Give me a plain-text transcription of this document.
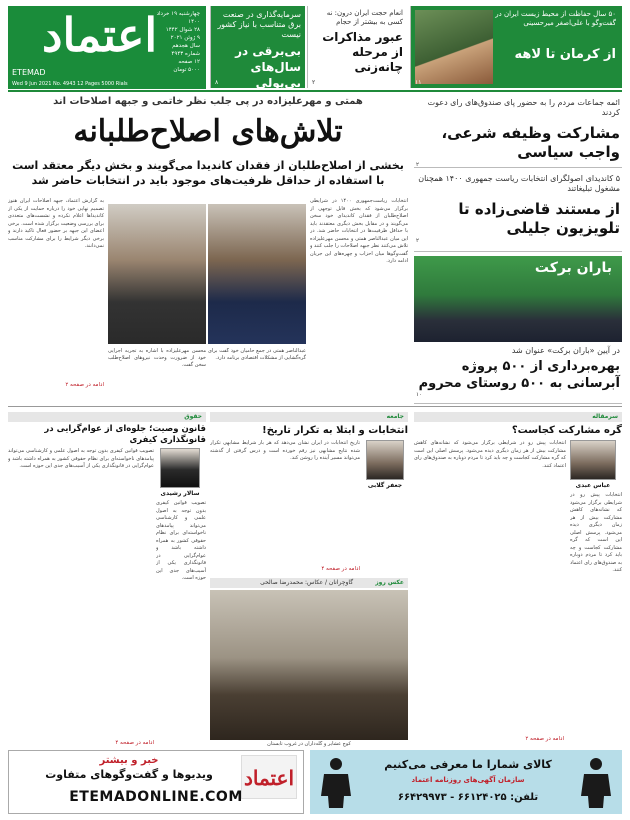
اعتماد
ETEMAD
چهارشنبه ۱۹ خرداد ۱۴۰۰
۲۸ شوال ۱۴۴۲
۹ ژوئن ۲۰۲۱
سال هجدهم
شماره ۴۹۴۳
۱۲ صفحه
۵۰۰۰ تومان
Wed 9 Jun 2021 No. 4943 12 Pages 5000 Rials
سرمایه‌گذاری در صنعت برق متناسب با نیاز کشور نیست
بی‌برقی در سال‌های بی‌پولی
۸
انعام حجت ایران درون: نه کسی به بیشتر از حجام
عبور مذاکرات از مرحله چانه‌زنی
۲
۵۰ سال حفاظت از محیط زیست ایران در گفت‌وگو با علی‌اصغر میرحسینی
از کرمان تا لاهه
۱۱
همتی و مهرعلیزاده در پی جلب نظر خاتمی و جبهه اصلاحات اند
تلاش‌های اصلاح‌طلبانه
بخشی از اصلاح‌طلبان از فقدان کاندیدا می‌گویند و بخش دیگر معتقد است با استفاده از حداقل ظرفیت‌های موجود باید در انتخابات حاضر شد
انتخابات ریاست‌جمهوری ۱۴۰۰ در شرایطی برگزار می‌شود که بخش قابل توجهی از اصلاح‌طلبان از فقدان کاندیدای خود سخن می‌گویند و در مقابل بخش دیگری معتقدند باید با حداقل ظرفیت‌ها در انتخابات حاضر شد. در این میان عبدالناصر همتی و محسن مهرعلیزاده تلاش می‌کنند نظر جبهه اصلاحات را جلب کنند و گفت‌وگوها میان احزاب و چهره‌های این جریان ادامه دارد.
عبدالناصر همتی در جمع حامیان خود گفت برای گره‌گشایی از مشکلات اقتصادی برنامه دارد.
محسن مهرعلیزاده با اشاره به تجربه اجرایی خود از ضرورت وحدت نیروهای اصلاح‌طلب سخن گفت.
به گزارش اعتماد، جبهه اصلاحات ایران هنوز تصمیم نهایی خود را درباره حمایت از یکی از کاندیداها اعلام نکرده و نشست‌های متعددی برای بررسی وضعیت برگزار شده است. برخی اعضای این جبهه بر حضور فعال تاکید دارند و برخی دیگر شرایط را برای مشارکت مناسب نمی‌دانند.
ادامه در صفحه ۲
ائمه جماعات مردم را به حضور پای صندوق‌های رای دعوت کردند
مشارکت وظیفه شرعی، واجب سیاسی
۲
۵ کاندیدای اصولگرای انتخابات ریاست جمهوری ۱۴۰۰ همچنان مشغول تبلیغاتند
از مستند قاضی‌زاده تا تلویزیون جلیلی
۲
باران برکت
در آیین «باران برکت» عنوان شد
بهره‌برداری از ۵۰۰ پروژه آبرسانی به ۵۰۰ روستای محروم
۱۰
سرمقاله
گره مشارکت کجاست؟
عباس عبدی
انتخابات پیش رو در شرایطی برگزار می‌شود که نشانه‌های کاهش مشارکت بیش از هر زمان دیگری دیده می‌شود. پرسش اصلی این است که گره مشارکت کجاست و چه باید کرد تا مردم دوباره به صندوق‌های رای اعتماد کنند.
انتخابات پیش رو در شرایطی برگزار می‌شود که نشانه‌های کاهش مشارکت بیش از هر زمان دیگری دیده می‌شود. پرسش اصلی این است که گره مشارکت کجاست و چه باید کرد تا مردم دوباره به صندوق‌های رای اعتماد کنند.
ادامه در صفحه ۲
جامعه
انتخابات و ابتلا به تکرار تاریخ!
جعفر گلابی
تاریخ انتخابات در ایران نشان می‌دهد که هر بار شرایط مشابهی تکرار شده نتایج مشابهی نیز رقم خورده است و درس گرفتن از گذشته می‌تواند مسیر آینده را روشن کند.
ادامه در صفحه ۴
عکس روز گاوچرانان / عکاس: محمدرضا صالحی
کوچ عشایر و گله‌داران در غروب تابستان
حقوق
قانون وصیت؛ جلوه‌ای از عوام‌گرایی در قانونگذاری کیفری
سالار رشیدی
تصویب قوانین کیفری بدون توجه به اصول علمی و کارشناسی می‌تواند پیامدهای ناخواسته‌ای برای نظام حقوقی کشور به همراه داشته باشد و عوام‌گرایی در قانونگذاری یکی از آسیب‌های جدی این حوزه است.
تصویب قوانین کیفری بدون توجه به اصول علمی و کارشناسی می‌تواند پیامدهای ناخواسته‌ای برای نظام حقوقی کشور به همراه داشته باشد و عوام‌گرایی در قانونگذاری یکی از آسیب‌های جدی این حوزه است.
ادامه در صفحه ۴
اعتماد
خبر و بیشتر
ویدیوها و گفت‌وگوهای متفاوت
ETEMADONLINE.COM
کالای شمارا ما معرفی می‌کنیم
سازمان آگهی‌های روزنامه اعتماد
تلفن: ۶۶۱۲۴۰۲۵ - ۶۶۴۲۹۹۷۳
